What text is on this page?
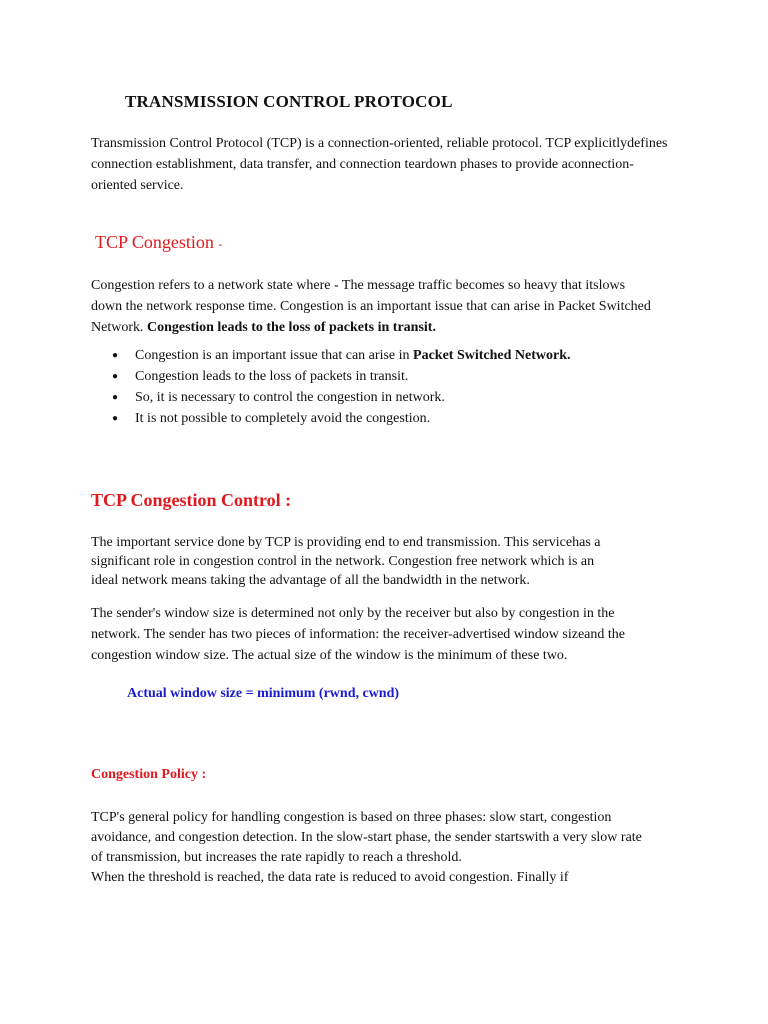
TRANSMISSION CONTROL PROTOCOL

Transmission Control Protocol (TCP) is a connection-oriented, reliable protocol. TCP explicitlydefines
connection establishment, data transfer, and connection teardown phases to provide aconnection-
oriented service.

TCP Congestion -

Congestion refers to a network state where - The message traffic becomes so heavy that itslows
down the network response time. Congestion is an important issue that can arise in Packet Switched
Network. Congestion leads to the loss of packets in transit.

● Congestion is an important issue that can arise in Packet Switched Network.
● Congestion leads to the loss of packets in transit.
● So, it is necessary to control the congestion in network.
● It is not possible to completely avoid the congestion.
TCP Congestion Control :

The important service done by TCP is providing end to end transmission. This servicehas a
significant role in congestion control in the network. Congestion free network which is an
ideal network means taking the advantage of all the bandwidth in the network.

The sender's window size is determined not only by the receiver but also by congestion in the
network. The sender has two pieces of information: the receiver-advertised window sizeand the
congestion window size. The actual size of the window is the minimum of these two.

Actual window size = minimum (rwnd, cwnd)

Congestion Policy :

TCP's general policy for handling congestion is based on three phases: slow start, congestion
avoidance, and congestion detection. In the slow-start phase, the sender startswith a very slow rate
of transmission, but increases the rate rapidly to reach a threshold.
When the threshold is reached, the data rate is reduced to avoid congestion. Finally if
